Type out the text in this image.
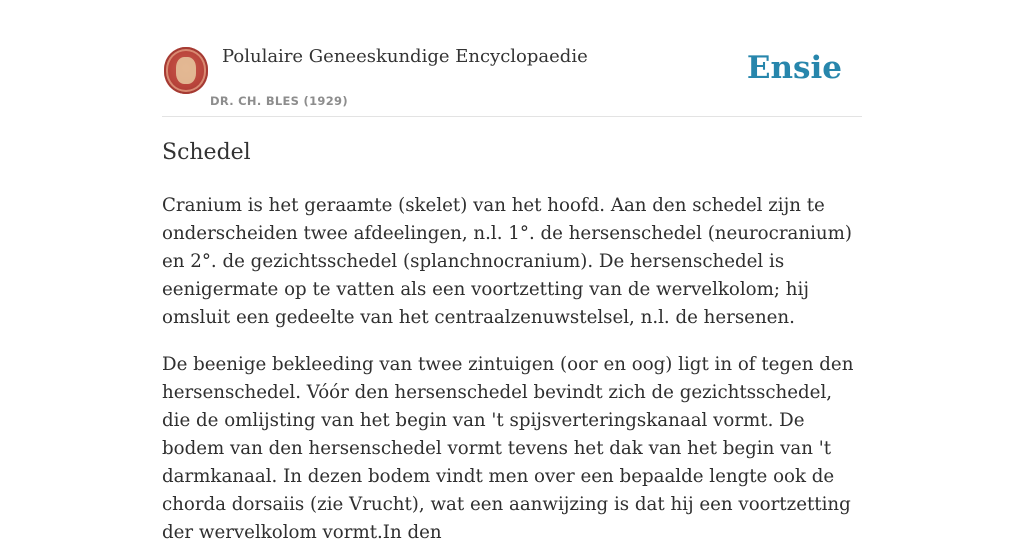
Polulaire Geneeskundige Encyclopaedie
DR. CH. BLES (1929)
Ensie
Schedel

Cranium is het geraamte (skelet) van het hoofd. Aan den schedel zijn te onderscheiden twee afdeelingen, n.l. 1°. de hersenschedel (neurocranium) en 2°. de gezichtsschedel (splanchnocranium). De hersenschedel is eenigermate op te vatten als een voortzetting van de wervelkolom; hij omsluit een gedeelte van het centraalzenuwstelsel, n.l. de hersenen.

De beenige bekleeding van twee zintuigen (oor en oog) ligt in of tegen den hersenschedel. Vóór den hersenschedel bevindt zich de gezichtsschedel, die de omlijsting van het begin van 't spijsverteringskanaal vormt. De bodem van den hersenschedel vormt tevens het dak van het begin van 't darmkanaal. In dezen bodem vindt men over een bepaalde lengte ook de chorda dorsaiis (zie Vrucht), wat een aanwijzing is dat hij een voortzetting der wervelkolom vormt.In den
